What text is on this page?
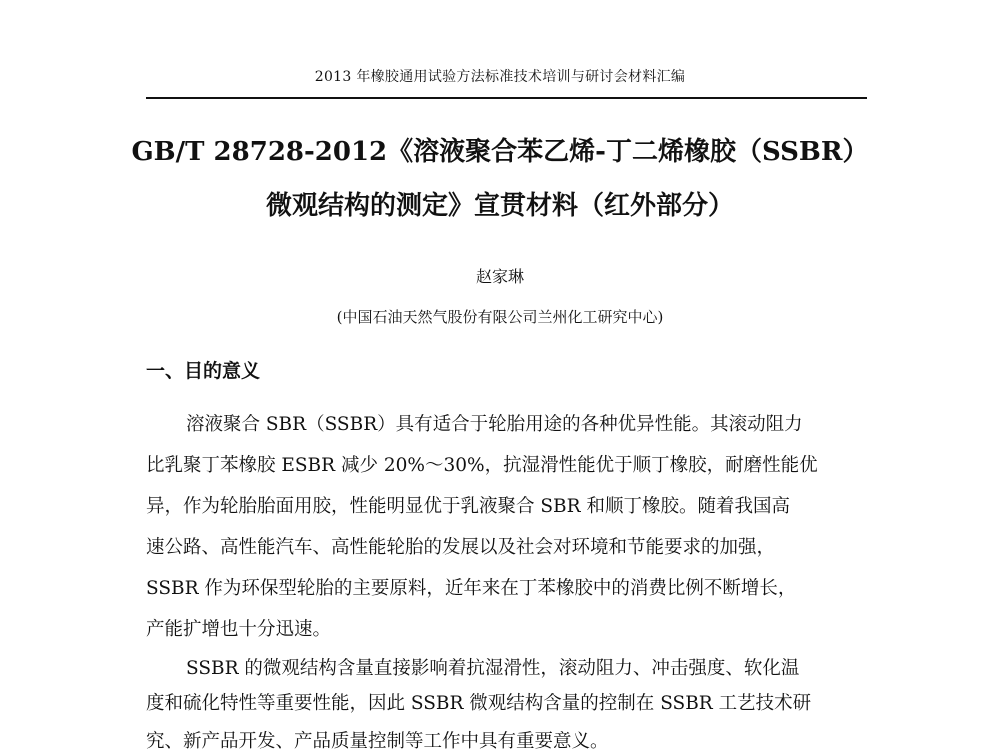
2013 年橡胶通用试验方法标准技术培训与研讨会材料汇编
GB/T 28728-2012《溶液聚合苯乙烯-丁二烯橡胶（SSBR）
微观结构的测定》宣贯材料（红外部分）
赵家琳
(中国石油天然气股份有限公司兰州化工研究中心)
一、目的意义
溶液聚合 SBR（SSBR）具有适合于轮胎用途的各种优异性能。其滚动阻力
比乳聚丁苯橡胶 ESBR 减少 20%～30%，抗湿滑性能优于顺丁橡胶，耐磨性能优
异，作为轮胎胎面用胶，性能明显优于乳液聚合 SBR 和顺丁橡胶。随着我国高
速公路、高性能汽车、高性能轮胎的发展以及社会对环境和节能要求的加强，
SSBR 作为环保型轮胎的主要原料，近年来在丁苯橡胶中的消费比例不断增长，
产能扩增也十分迅速。
SSBR 的微观结构含量直接影响着抗湿滑性，滚动阻力、冲击强度、软化温
度和硫化特性等重要性能，因此 SSBR 微观结构含量的控制在 SSBR 工艺技术研
究、新产品开发、产品质量控制等工作中具有重要意义。
